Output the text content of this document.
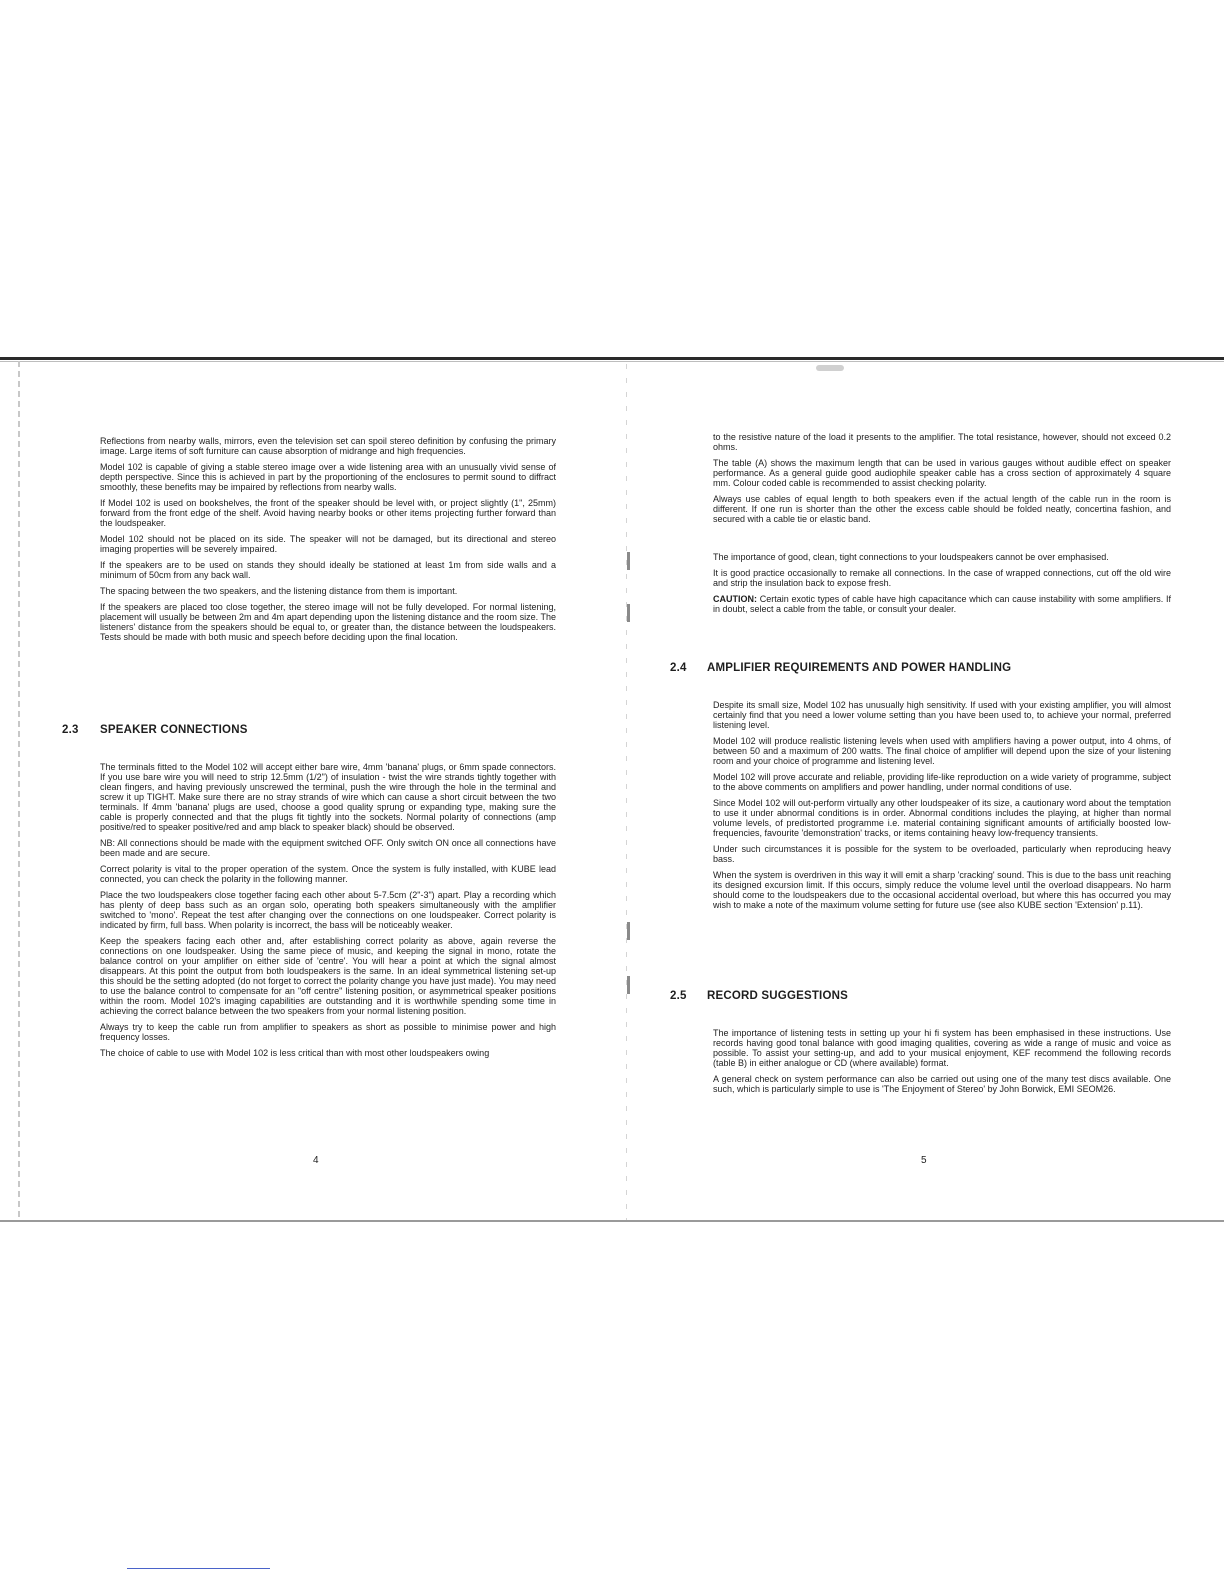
Reflections from nearby walls, mirrors, even the television set can spoil stereo definition by confusing the primary image. Large items of soft furniture can cause absorption of midrange and high frequencies.

Model 102 is capable of giving a stable stereo image over a wide listening area with an unusually vivid sense of depth perspective. Since this is achieved in part by the proportioning of the enclosures to permit sound to diffract smoothly, these benefits may be impaired by reflections from nearby walls.

If Model 102 is used on bookshelves, the front of the speaker should be level with, or project slightly (1", 25mm) forward from the front edge of the shelf. Avoid having nearby books or other items projecting further forward than the loudspeaker.

Model 102 should not be placed on its side. The speaker will not be damaged, but its directional and stereo imaging properties will be severely impaired.

If the speakers are to be used on stands they should ideally be stationed at least 1m from side walls and a minimum of 50cm from any back wall.

The spacing between the two speakers, and the listening distance from them is important.

If the speakers are placed too close together, the stereo image will not be fully developed. For normal listening, placement will usually be between 2m and 4m apart depending upon the listening distance and the room size. The listeners' distance from the speakers should be equal to, or greater than, the distance between the loudspeakers. Tests should be made with both music and speech before deciding upon the final location.

2.3 SPEAKER CONNECTIONS

The terminals fitted to the Model 102 will accept either bare wire, 4mm 'banana' plugs, or 6mm spade connectors. If you use bare wire you will need to strip 12.5mm (1/2") of insulation - twist the wire strands tightly together with clean fingers, and having previously unscrewed the terminal, push the wire through the hole in the terminal and screw it up TIGHT. Make sure there are no stray strands of wire which can cause a short circuit between the two terminals. If 4mm 'banana' plugs are used, choose a good quality sprung or expanding type, making sure the cable is properly connected and that the plugs fit tightly into the sockets. Normal polarity of connections (amp positive/red to speaker positive/red and amp black to speaker black) should be observed.

NB: All connections should be made with the equipment switched OFF. Only switch ON once all connections have been made and are secure.

Correct polarity is vital to the proper operation of the system. Once the system is fully installed, with KUBE lead connected, you can check the polarity in the following manner.

Place the two loudspeakers close together facing each other about 5-7.5cm (2"-3") apart. Play a recording which has plenty of deep bass such as an organ solo, operating both speakers simultaneously with the amplifier switched to 'mono'. Repeat the test after changing over the connections on one loudspeaker. Correct polarity is indicated by firm, full bass. When polarity is incorrect, the bass will be noticeably weaker.

Keep the speakers facing each other and, after establishing correct polarity as above, again reverse the connections on one loudspeaker. Using the same piece of music, and keeping the signal in mono, rotate the balance control on your amplifier on either side of 'centre'. You will hear a point at which the signal almost disappears. At this point the output from both loudspeakers is the same. In an ideal symmetrical listening set-up this should be the setting adopted (do not forget to correct the polarity change you have just made). You may need to use the balance control to compensate for an "off centre" listening position, or asymmetrical speaker positions within the room. Model 102's imaging capabilities are outstanding and it is worthwhile spending some time in achieving the correct balance between the two speakers from your normal listening position.

Always try to keep the cable run from amplifier to speakers as short as possible to minimise power and high frequency losses.

The choice of cable to use with Model 102 is less critical than with most other loudspeakers owing

4

to the resistive nature of the load it presents to the amplifier. The total resistance, however, should not exceed 0.2 ohms.

The table (A) shows the maximum length that can be used in various gauges without audible effect on speaker performance. As a general guide good audiophile speaker cable has a cross section of approximately 4 square mm. Colour coded cable is recommended to assist checking polarity.

Always use cables of equal length to both speakers even if the actual length of the cable run in the room is different. If one run is shorter than the other the excess cable should be folded neatly, concertina fashion, and secured with a cable tie or elastic band.

The importance of good, clean, tight connections to your loudspeakers cannot be over emphasised.

It is good practice occasionally to remake all connections. In the case of wrapped connections, cut off the old wire and strip the insulation back to expose fresh.

CAUTION: Certain exotic types of cable have high capacitance which can cause instability with some amplifiers. If in doubt, select a cable from the table, or consult your dealer.

2.4 AMPLIFIER REQUIREMENTS AND POWER HANDLING

Despite its small size, Model 102 has unusually high sensitivity. If used with your existing amplifier, you will almost certainly find that you need a lower volume setting than you have been used to, to achieve your normal, preferred listening level.

Model 102 will produce realistic listening levels when used with amplifiers having a power output, into 4 ohms, of between 50 and a maximum of 200 watts. The final choice of amplifier will depend upon the size of your listening room and your choice of programme and listening level.

Model 102 will prove accurate and reliable, providing life-like reproduction on a wide variety of programme, subject to the above comments on amplifiers and power handling, under normal conditions of use.

Since Model 102 will out-perform virtually any other loudspeaker of its size, a cautionary word about the temptation to use it under abnormal conditions is in order. Abnormal conditions includes the playing, at higher than normal volume levels, of predistorted programme i.e. material containing significant amounts of artificially boosted low-frequencies, favourite 'demonstration' tracks, or items containing heavy low-frequency transients.

Under such circumstances it is possible for the system to be overloaded, particularly when reproducing heavy bass.

When the system is overdriven in this way it will emit a sharp 'cracking' sound. This is due to the bass unit reaching its designed excursion limit. If this occurs, simply reduce the volume level until the overload disappears. No harm should come to the loudspeakers due to the occasional accidental overload, but where this has occurred you may wish to make a note of the maximum volume setting for future use (see also KUBE section 'Extension' p.11).

2.5 RECORD SUGGESTIONS

The importance of listening tests in setting up your hi fi system has been emphasised in these instructions. Use records having good tonal balance with good imaging qualities, covering as wide a range of music and voice as possible. To assist your setting-up, and add to your musical enjoyment, KEF recommend the following records (table B) in either analogue or CD (where available) format.

A general check on system performance can also be carried out using one of the many test discs available. One such, which is particularly simple to use is 'The Enjoyment of Stereo' by John Borwick, EMI SEOM26.

5
